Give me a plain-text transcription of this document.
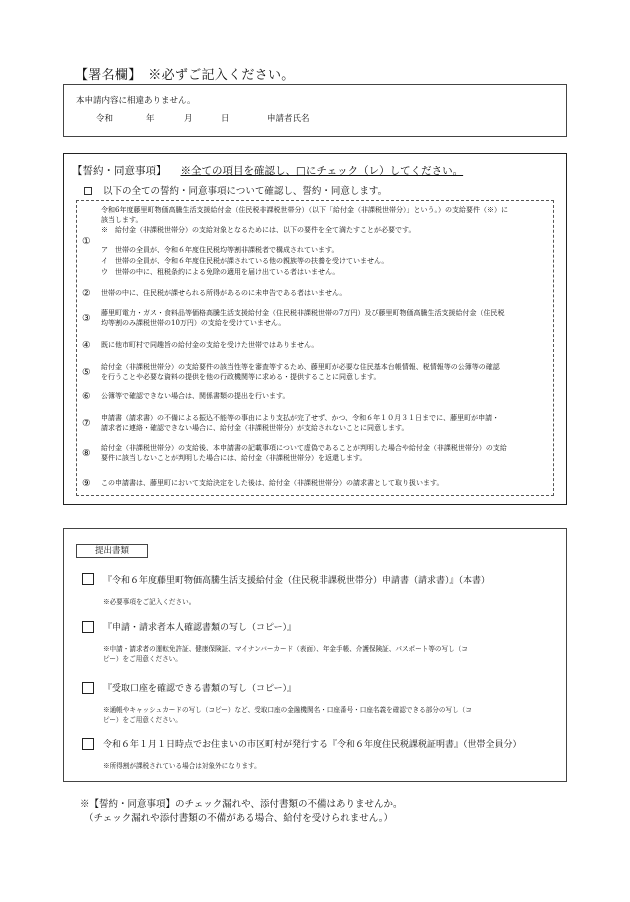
【署名欄】　※必ずご記入ください。
本申請内容に相違ありません。
令和	年	月	日	申請者氏名
【誓約・同意事項】 ※全ての項目を確認し、□にチェック（レ）してください。
以下の全ての誓約・同意事項について確認し、誓約・同意します。
①
令和6年度藤里町物価高騰生活支援給付金（住民税非課税世帯分）（以下「給付金（非課税世帯分）」という。）の支給要件（※）に
該当します。
※　給付金（非課税世帯分）の支給対象となるためには、以下の要件を全て満たすことが必要です。
ア　世帯の全員が、令和６年度住民税均等割非課税者で構成されています。
イ　世帯の全員が、令和６年度住民税が課されている他の親族等の扶養を受けていません。
ウ　世帯の中に、租税条約による免除の適用を届け出ている者はいません。
② 世帯の中に、住民税が課せられる所得があるのに未申告である者はいません。
③ 藤里町電力・ガス・食料品等価格高騰生活支援給付金（住民税非課税世帯の7万円）及び藤里町物価高騰生活支援給付金（住民税
均等割のみ課税世帯の10万円）の支給を受けていません。
④ 既に他市町村で同趣旨の給付金の支給を受けた世帯ではありません。
⑤ 給付金（非課税世帯分）の支給要件の該当性等を審査等するため、藤里町が必要な住民基本台帳情報、税情報等の公簿等の確認
を行うことや必要な資料の提供を他の行政機関等に求める・提供することに同意します。
⑥ 公簿等で確認できない場合は、関係書類の提出を行います。
⑦ 申請書（請求書）の不備による振込不能等の事由により支払が完了せず、かつ、令和６年１０月３１日までに、藤里町が申請・
請求者に連絡・確認できない場合に、給付金（非課税世帯分）が支給されないことに同意します。
⑧ 給付金（非課税世帯分）の支給後、本申請書の記載事項について虚偽であることが判明した場合や給付金（非課税世帯分）の支給
要件に該当しないことが判明した場合には、給付金（非課税世帯分）を返還します。
⑨ この申請書は、藤里町において支給決定をした後は、給付金（非課税世帯分）の請求書として取り扱います。
提出書類
『令和６年度藤里町物価高騰生活支援給付金（住民税非課税世帯分）申請書（請求書）』（本書）
※必要事項をご記入ください。
『申請・請求者本人確認書類の写し（コピー）』
※申請・請求者の運転免許証、健康保険証、マイナンバーカード（表面）、年金手帳、介護保険証、パスポート等の写し（コ
ピー）をご用意ください。
『受取口座を確認できる書類の写し（コピー）』
※通帳やキャッシュカードの写し（コピー）など、受取口座の金融機関名・口座番号・口座名義を確認できる部分の写し（コ
ピー）をご用意ください。
令和６年１月１日時点でお住まいの市区町村が発行する『令和６年度住民税課税証明書』（世帯全員分）
※所得割が課税されている場合は対象外になります。
※【誓約・同意事項】のチェック漏れや、添付書類の不備はありませんか。
（チェック漏れや添付書類の不備がある場合、給付を受けられません。）
